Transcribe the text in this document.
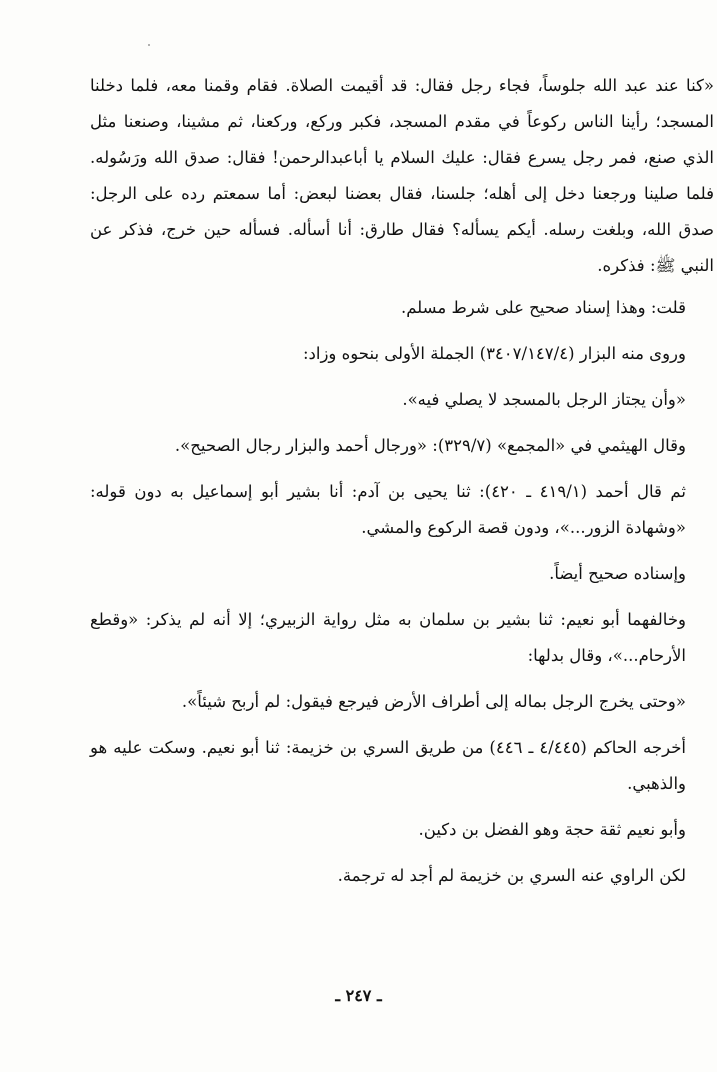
«كنا عند عبد الله جلوساً، فجاء رجل فقال: قد أقيمت الصلاة. فقام وقمنا معه، فلما دخلنا المسجد؛ رأينا الناس ركوعاً في مقدم المسجد، فكبر وركع، وركعنا، ثم مشينا، وصنعنا مثل الذي صنع، فمر رجل يسرع فقال: عليك السلام يا أباعبدالرحمن! فقال: صدق الله ورَسُوله. فلما صلينا ورجعنا دخل إلى أهله؛ جلسنا، فقال بعضنا لبعض: أما سمعتم رده على الرجل: صدق الله، وبلغت رسله. أيكم يسأله؟ فقال طارق: أنا أسأله. فسأله حين خرج، فذكر عن النبي ﷺ: فذكره.

قلت: وهذا إسناد صحيح على شرط مسلم.

وروى منه البزار (٣٤٠٧/١٤٧/٤) الجملة الأولى بنحوه وزاد:

«وأن يجتاز الرجل بالمسجد لا يصلي فيه».

وقال الهيثمي في «المجمع» (٣٢٩/٧): «ورجال أحمد والبزار رجال الصحيح».

ثم قال أحمد (٤١٩/١ ـ ٤٢٠): ثنا يحيى بن آدم: أنا بشير أبو إسماعيل به دون قوله: «وشهادة الزور...»، ودون قصة الركوع والمشي.

وإسناده صحيح أيضاً.

وخالفهما أبو نعيم: ثنا بشير بن سلمان به مثل رواية الزبيري؛ إلا أنه لم يذكر: «وقطع الأرحام...»، وقال بدلها:

«وحتى يخرج الرجل بماله إلى أطراف الأرض فيرجع فيقول: لم أربح شيئاً».

أخرجه الحاكم (٤/٤٤٥ ـ ٤٤٦) من طريق السري بن خزيمة: ثنا أبو نعيم. وسكت عليه هو والذهبي.

وأبو نعيم ثقة حجة وهو الفضل بن دكين.

لكن الراوي عنه السري بن خزيمة لم أجد له ترجمة.

ـ ٢٤٧ ـ
